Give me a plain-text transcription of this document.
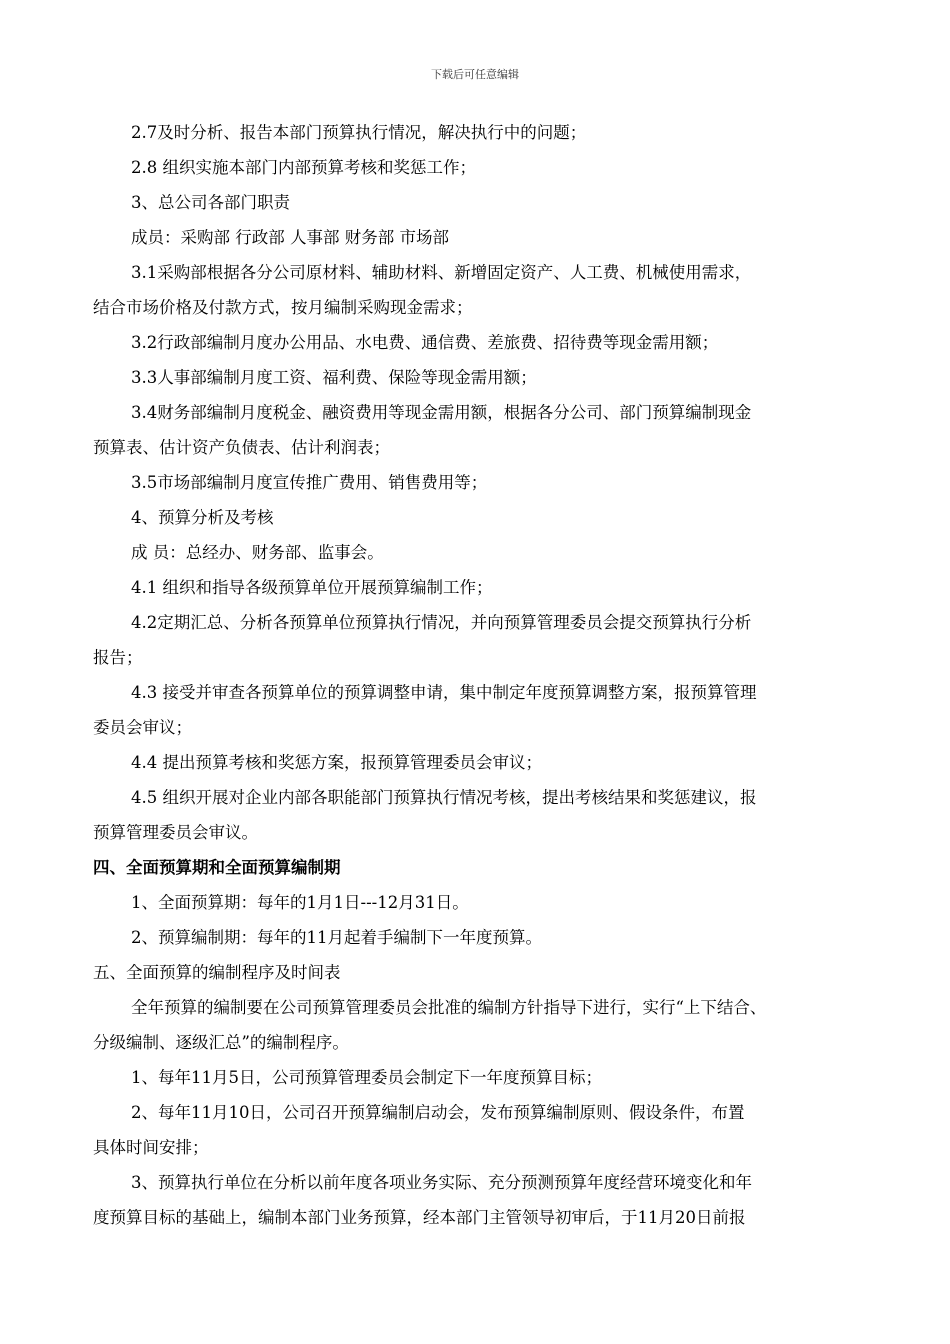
下载后可任意编辑

2.7及时分析、报告本部门预算执行情况，解决执行中的问题；

2.8 组织实施本部门内部预算考核和奖惩工作；

3、总公司各部门职责

成员：采购部 行政部 人事部 财务部 市场部

3.1采购部根据各分公司原材料、辅助材料、新增固定资产、人工费、机械使用需求，

结合市场价格及付款方式，按月编制采购现金需求；

3.2行政部编制月度办公用品、水电费、通信费、差旅费、招待费等现金需用额；

3.3人事部编制月度工资、福利费、保险等现金需用额；

3.4财务部编制月度税金、融资费用等现金需用额，根据各分公司、部门预算编制现金

预算表、估计资产负债表、估计利润表；

3.5市场部编制月度宣传推广费用、销售费用等；

4、预算分析及考核

成 员：总经办、财务部、监事会。

4.1 组织和指导各级预算单位开展预算编制工作；

4.2定期汇总、分析各预算单位预算执行情况，并向预算管理委员会提交预算执行分析

报告；

4.3 接受并审查各预算单位的预算调整申请，集中制定年度预算调整方案，报预算管理

委员会审议；

4.4 提出预算考核和奖惩方案，报预算管理委员会审议；

4.5 组织开展对企业内部各职能部门预算执行情况考核，提出考核结果和奖惩建议，报

预算管理委员会审议。

四、全面预算期和全面预算编制期

1、全面预算期：每年的1月1日---12月31日。

2、预算编制期：每年的11月起着手编制下一年度预算。

五、全面预算的编制程序及时间表

全年预算的编制要在公司预算管理委员会批准的编制方针指导下进行，实行“上下结合、

分级编制、逐级汇总”的编制程序。

1、每年11月5日，公司预算管理委员会制定下一年度预算目标；

2、每年11月10日，公司召开预算编制启动会，发布预算编制原则、假设条件，布置

具体时间安排；

3、预算执行单位在分析以前年度各项业务实际、充分预测预算年度经营环境变化和年

度预算目标的基础上，编制本部门业务预算，经本部门主管领导初审后，于11月20日前报
